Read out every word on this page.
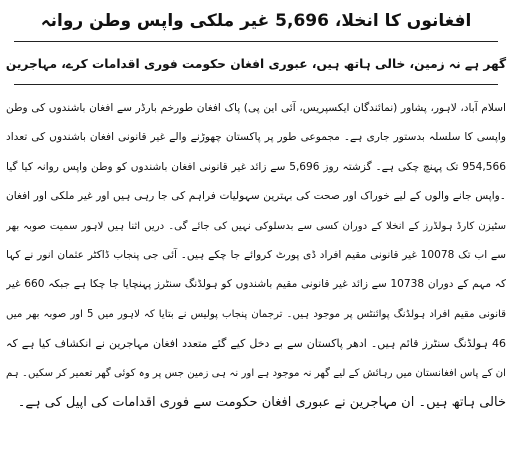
افغانوں کا انخلا، 5,696 غیر ملکی واپس وطن روانہ
گھر ہے نہ زمین، خالی ہاتھ ہیں، عبوری افغان حکومت فوری اقدامات کرے، مہاجرین
اسلام آباد، لاہور، پشاور (نمائندگان ایکسپریس، آئی این پی) پاک افغان طورخم بارڈر سے افغان باشندوں کی وطن
واپسی کا سلسلہ بدستور جاری ہے۔ مجموعی طور پر پاکستان چھوڑنے والے غیر قانونی افغان باشندوں کی تعداد
954,566 تک پہنچ چکی ہے۔ گزشتہ روز 5,696 سے زائد غیر قانونی افغان باشندوں کو وطن واپس روانہ کیا گیا
۔واپس جانے والوں کے لیے خوراک اور صحت کی بہترین سہولیات فراہم کی جا رہی ہیں اور غیر ملکی اور افغان
سٹیزن کارڈ ہولڈرز کے انخلا کے دوران کسی سے بدسلوکی نہیں کی جائے گی۔ دریں اثنا ہیں لاہور سمیت صوبہ بھر
سے اب تک 10078 غیر قانونی مقیم افراد ڈی پورٹ کروائے جا چکے ہیں۔ آئی جی پنجاب ڈاکٹر عثمان انور نے کہا
کہ مہم کے دوران 10738 سے زائد غیر قانونی مقیم باشندوں کو ہولڈنگ سنٹرز پہنچایا جا چکا ہے جبکہ 660 غیر
قانونی مقیم افراد ہولڈنگ پوائنٹس پر موجود ہیں۔ ترجمان پنجاب پولیس نے بتایا کہ لاہور میں 5 اور صوبہ بھر میں
46 ہولڈنگ سنٹرز قائم ہیں۔ ادھر پاکستان سے بے دخل کیے گئے متعدد افغان مہاجرین نے انکشاف کیا ہے کہ
ان کے پاس افغانستان میں رہائش کے لیے گھر نہ موجود ہے اور نہ ہی زمین جس پر وہ کوئی گھر تعمیر کر سکیں۔ ہم
خالی ہاتھ ہیں۔ ان مہاجرین نے عبوری افغان حکومت سے فوری اقدامات کی اپیل کی ہے۔
